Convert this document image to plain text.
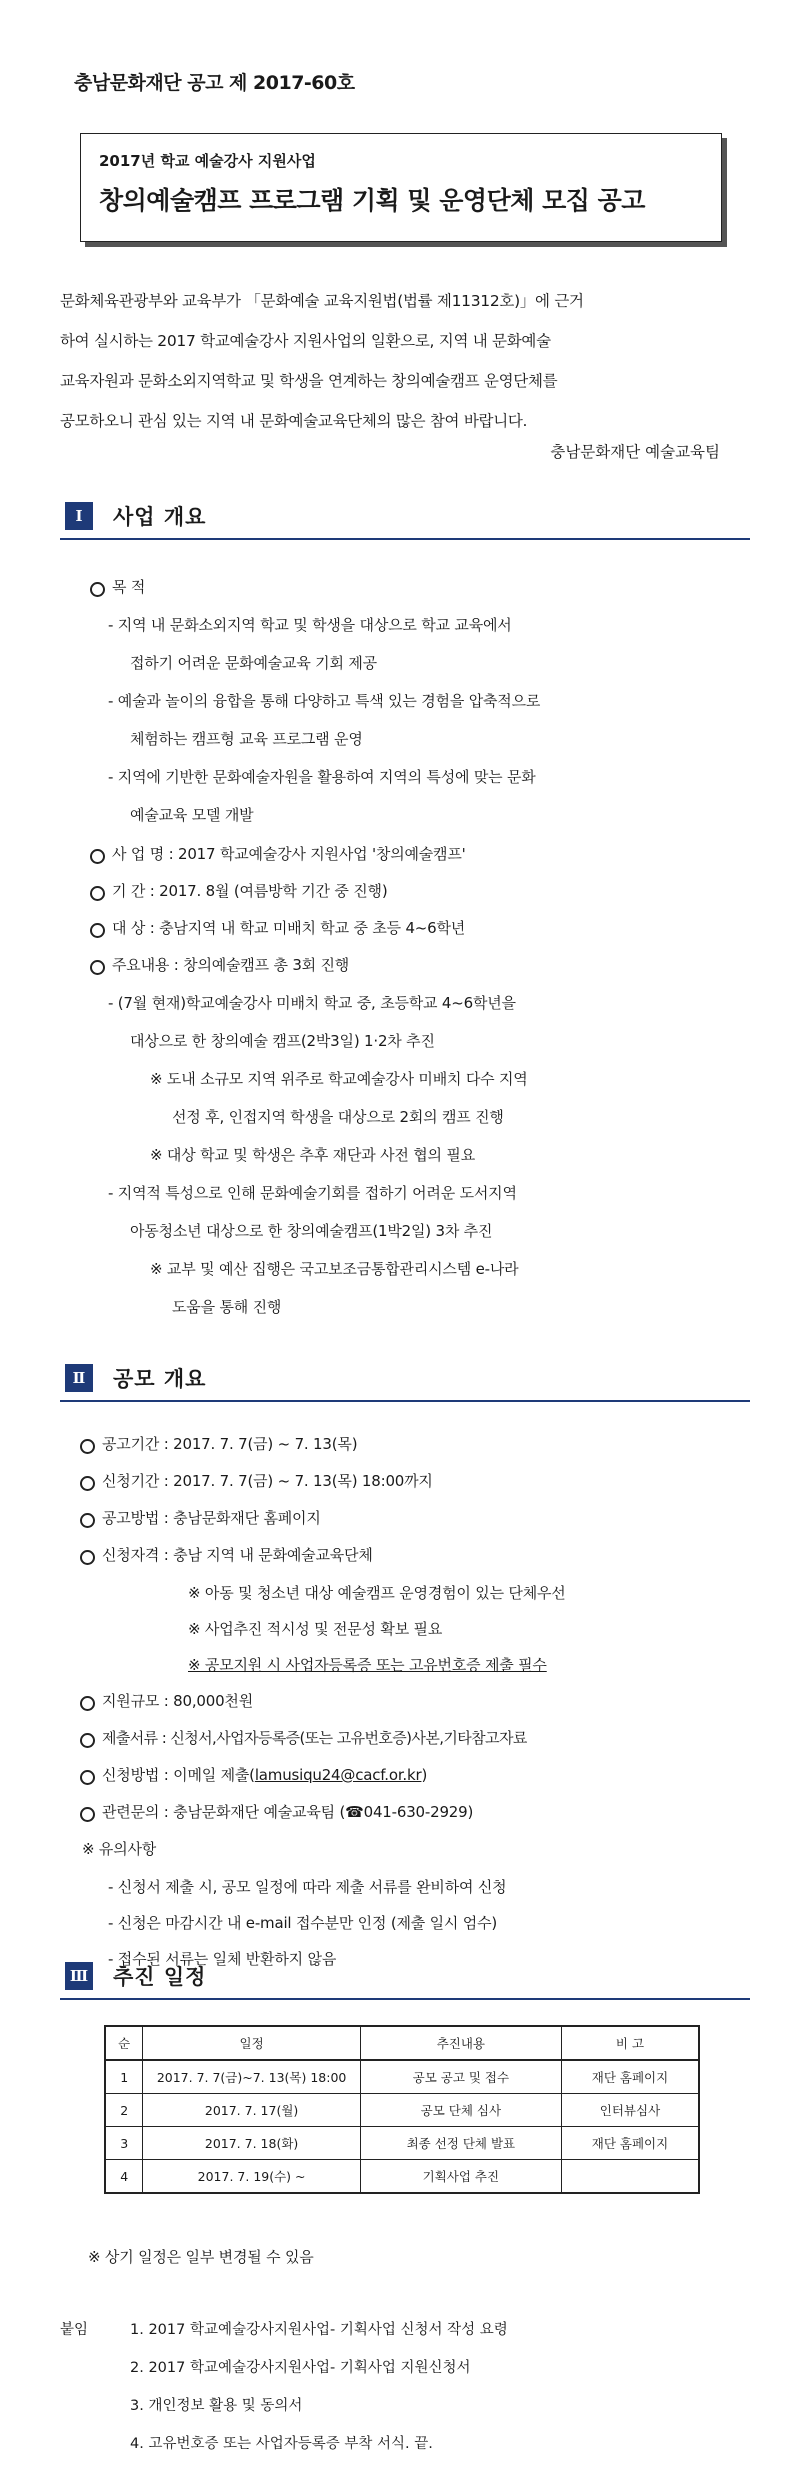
충남문화재단 공고 제 2017-60호
2017년 학교 예술강사 지원사업
창의예술캠프 프로그램 기획 및 운영단체 모집 공고
문화체육관광부와 교육부가 「문화예술 교육지원법(법률 제11312호)」에 근거
하여 실시하는 2017 학교예술강사 지원사업의 일환으로, 지역 내 문화예술
교육자원과 문화소외지역학교 및 학생을 연계하는 창의예술캠프 운영단체를
공모하오니 관심 있는 지역 내 문화예술교육단체의 많은 참여 바랍니다.
충남문화재단 예술교육팀
Ⅰ	사업 개요
목 적
- 지역 내 문화소외지역 학교 및 학생을 대상으로 학교 교육에서
접하기 어려운 문화예술교육 기회 제공
- 예술과 놀이의 융합을 통해 다양하고 특색 있는 경험을 압축적으로
체험하는 캠프형 교육 프로그램 운영
- 지역에 기반한 문화예술자원을 활용하여 지역의 특성에 맞는 문화
예술교육 모델 개발
사 업 명 : 2017 학교예술강사 지원사업 '창의예술캠프'
기 간 : 2017. 8월 (여름방학 기간 중 진행)
대 상 : 충남지역 내 학교 미배치 학교 중 초등 4~6학년
주요내용 : 창의예술캠프 총 3회 진행
- (7월 현재)학교예술강사 미배치 학교 중, 초등학교 4~6학년을
대상으로 한 창의예술 캠프(2박3일) 1·2차 추진
※ 도내 소규모 지역 위주로 학교예술강사 미배치 다수 지역
선정 후, 인접지역 학생을 대상으로 2회의 캠프 진행
※ 대상 학교 및 학생은 추후 재단과 사전 협의 필요
- 지역적 특성으로 인해 문화예술기회를 접하기 어려운 도서지역
아동청소년 대상으로 한 창의예술캠프(1박2일) 3차 추진
※ 교부 및 예산 집행은 국고보조금통합관리시스템 e-나라
도움을 통해 진행
Ⅱ	공모 개요
공고기간 : 2017. 7. 7(금) ~ 7. 13(목)
신청기간 : 2017. 7. 7(금) ~ 7. 13(목) 18:00까지
공고방법 : 충남문화재단 홈페이지
신청자격 : 충남 지역 내 문화예술교육단체
※ 아동 및 청소년 대상 예술캠프 운영경험이 있는 단체우선
※ 사업추진 적시성 및 전문성 확보 필요
※ 공모지원 시 사업자등록증 또는 고유번호증 제출 필수
지원규모 : 80,000천원
제출서류 : 신청서,사업자등록증(또는 고유번호증)사본,기타참고자료
신청방법 : 이메일 제출(lamusiqu24@cacf.or.kr)
관련문의 : 충남문화재단 예술교육팀 (☎041-630-2929)
※ 유의사항
- 신청서 제출 시, 공모 일정에 따라 제출 서류를 완비하여 신청
- 신청은 마감시간 내 e-mail 접수분만 인정 (제출 일시 엄수)
- 접수된 서류는 일체 반환하지 않음
Ⅲ 추진 일정
순	일정	추진내용	비 고
1	2017. 7. 7(금)~7. 13(목) 18:00	공모 공고 및 접수	재단 홈페이지
2	2017. 7. 17(월)	공모 단체 심사	인터뷰심사
3	2017. 7. 18(화)	최종 선정 단체 발표	재단 홈페이지
4	2017. 7. 19(수) ~	기획사업 추진	
※ 상기 일정은 일부 변경될 수 있음
붙임	1. 2017 학교예술강사지원사업- 기획사업 신청서 작성 요령
2. 2017 학교예술강사지원사업- 기획사업 지원신청서
3. 개인정보 활용 및 동의서
4. 고유번호증 또는 사업자등록증 부착 서식. 끝.
